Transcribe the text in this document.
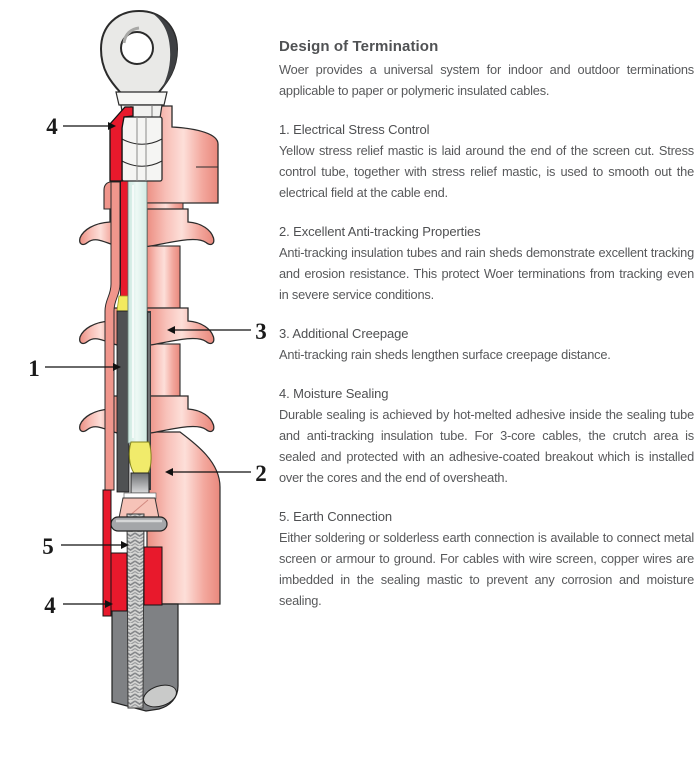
4
1
3
2
5
4
Design of Termination

Woer provides a universal system for indoor and outdoor terminations applicable to paper or polymeric insulated cables.

1. Electrical Stress Control

Yellow stress relief mastic is laid around the end of the screen cut. Stress control tube, together with stress relief mastic, is used to smooth out the electrical field at the cable end.

2. Excellent Anti-tracking Properties

Anti-tracking insulation tubes and rain sheds demonstrate excellent tracking and erosion resistance. This protect Woer terminations from tracking even in severe service conditions.

3. Additional Creepage

Anti-tracking rain sheds lengthen surface creepage distance.

4. Moisture Sealing

Durable sealing is achieved by hot-melted adhesive inside the sealing tube and anti-tracking insulation tube. For 3-core cables, the crutch area is sealed and protected with an adhesive-coated breakout which is installed over the cores and the end of oversheath.

5. Earth Connection

Either soldering or solderless earth connection is available to connect metal screen or armour to ground. For cables with wire screen, copper wires are imbedded in the sealing mastic to prevent any corrosion and moisture sealing.
